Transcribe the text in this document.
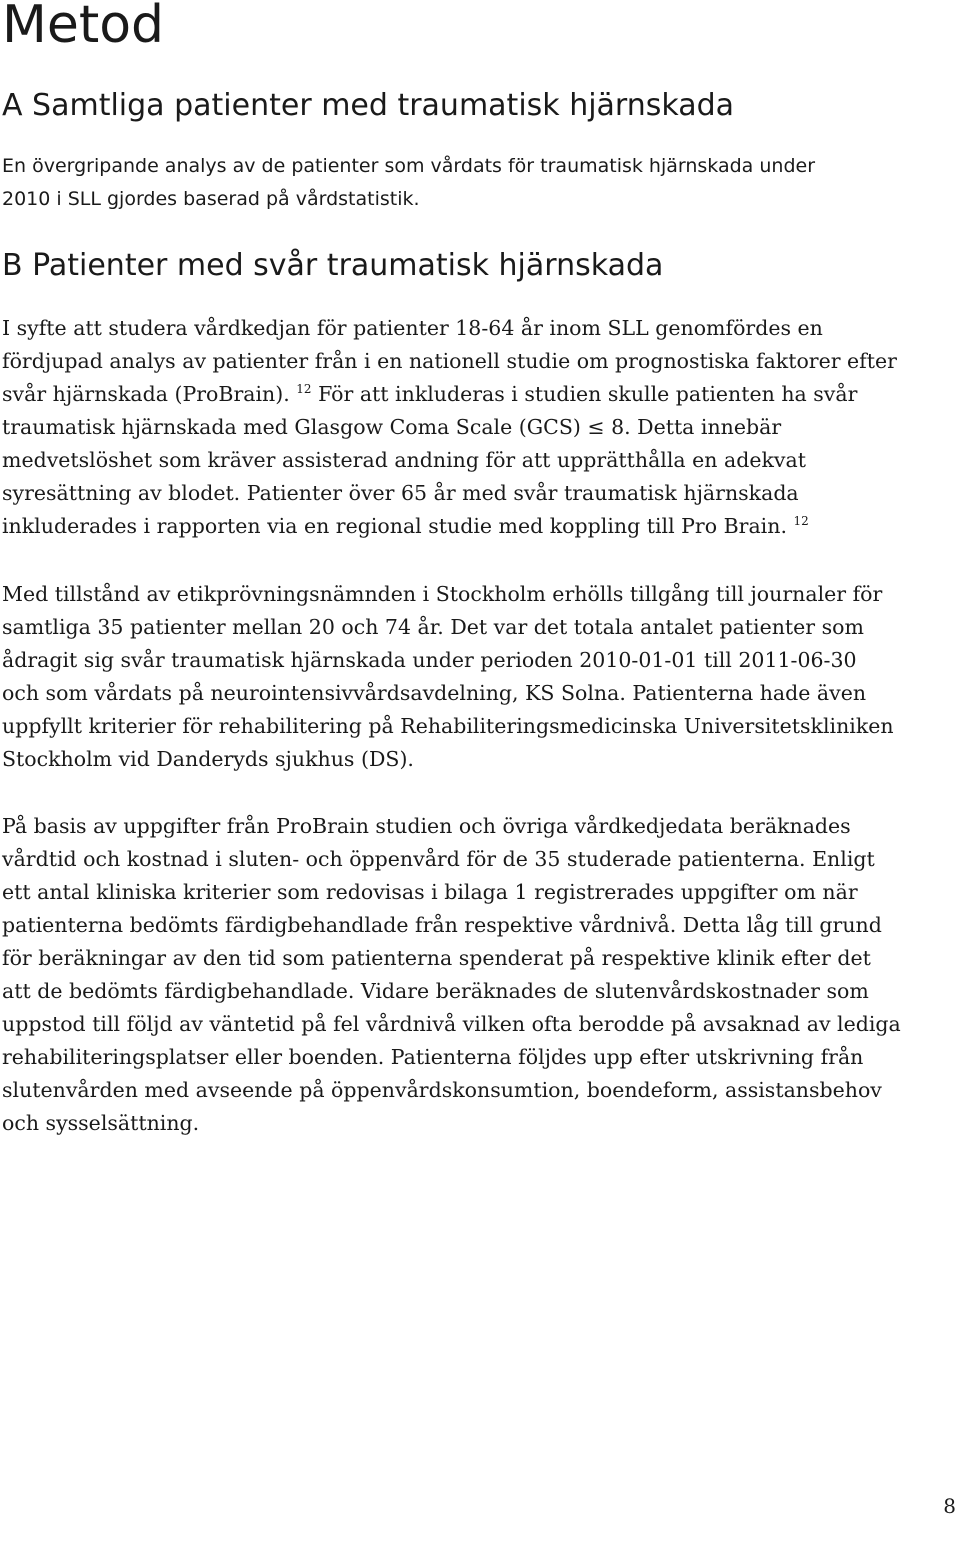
Metod
A Samtliga patienter med traumatisk hjärnskada

En övergripande analys av de patienter som vårdats för traumatisk hjärnskada under
2010 i SLL gjordes baserad på vårdstatistik.

B Patienter med svår traumatisk hjärnskada

I syfte att studera vårdkedjan för patienter 18-64 år inom SLL genomfördes en
fördjupad analys av patienter från i en nationell studie om prognostiska faktorer efter
svår hjärnskada (ProBrain). $^{12}$ För att inkluderas i studien skulle patienten ha svår
traumatisk hjärnskada med Glasgow Coma Scale (GCS) ≤ 8. Detta innebär
medvetslöshet som kräver assisterad andning för att upprätthålla en adekvat
syresättning av blodet. Patienter över 65 år med svår traumatisk hjärnskada
inkluderades i rapporten via en regional studie med koppling till Pro Brain. $^{12}$

Med tillstånd av etikprövningsnämnden i Stockholm erhölls tillgång till journaler för
samtliga 35 patienter mellan 20 och 74 år. Det var det totala antalet patienter som
ådragit sig svår traumatisk hjärnskada under perioden 2010-01-01 till 2011-06-30
och som vårdats på neurointensivvårdsavdelning, KS Solna. Patienterna hade även
uppfyllt kriterier för rehabilitering på Rehabiliteringsmedicinska Universitetskliniken
Stockholm vid Danderyds sjukhus (DS).

På basis av uppgifter från ProBrain studien och övriga vårdkedjedata beräknades
vårdtid och kostnad i sluten- och öppenvård för de 35 studerade patienterna. Enligt
ett antal kliniska kriterier som redovisas i bilaga 1 registrerades uppgifter om när
patienterna bedömts färdigbehandlade från respektive vårdnivå. Detta låg till grund
för beräkningar av den tid som patienterna spenderat på respektive klinik efter det
att de bedömts färdigbehandlade. Vidare beräknades de slutenvårdskostnader som
uppstod till följd av väntetid på fel vårdnivå vilken ofta berodde på avsaknad av lediga
rehabiliteringsplatser eller boenden. Patienterna följdes upp efter utskrivning från
slutenvården med avseende på öppenvårdskonsumtion, boendeform, assistansbehov
och sysselsättning.

8
